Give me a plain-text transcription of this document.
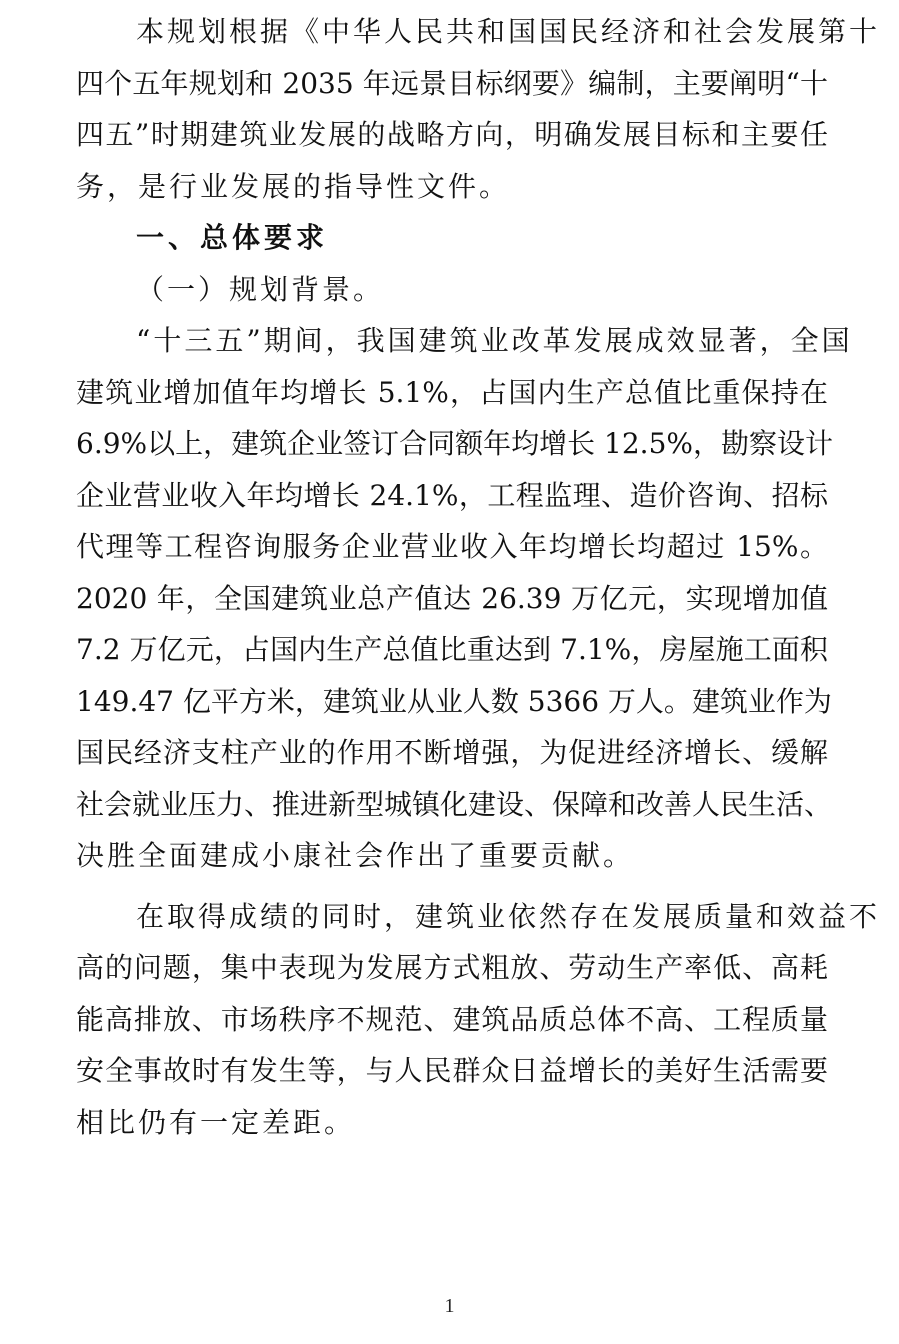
本规划根据《中华人民共和国国民经济和社会发展第十
四个五年规划和 2035 年远景目标纲要》编制，主要阐明“十
四五”时期建筑业发展的战略方向，明确发展目标和主要任
务，是行业发展的指导性文件。
一、总体要求
（一）规划背景。
“十三五”期间，我国建筑业改革发展成效显著，全国
建筑业增加值年均增长 5.1%，占国内生产总值比重保持在
6.9%以上，建筑企业签订合同额年均增长 12.5%，勘察设计
企业营业收入年均增长 24.1%，工程监理、造价咨询、招标
代理等工程咨询服务企业营业收入年均增长均超过 15%。
2020 年，全国建筑业总产值达 26.39 万亿元，实现增加值
7.2 万亿元，占国内生产总值比重达到 7.1%，房屋施工面积
149.47 亿平方米，建筑业从业人数 5366 万人。建筑业作为
国民经济支柱产业的作用不断增强，为促进经济增长、缓解
社会就业压力、推进新型城镇化建设、保障和改善人民生活、
决胜全面建成小康社会作出了重要贡献。
在取得成绩的同时，建筑业依然存在发展质量和效益不
高的问题，集中表现为发展方式粗放、劳动生产率低、高耗
能高排放、市场秩序不规范、建筑品质总体不高、工程质量
安全事故时有发生等，与人民群众日益增长的美好生活需要
相比仍有一定差距。
1
